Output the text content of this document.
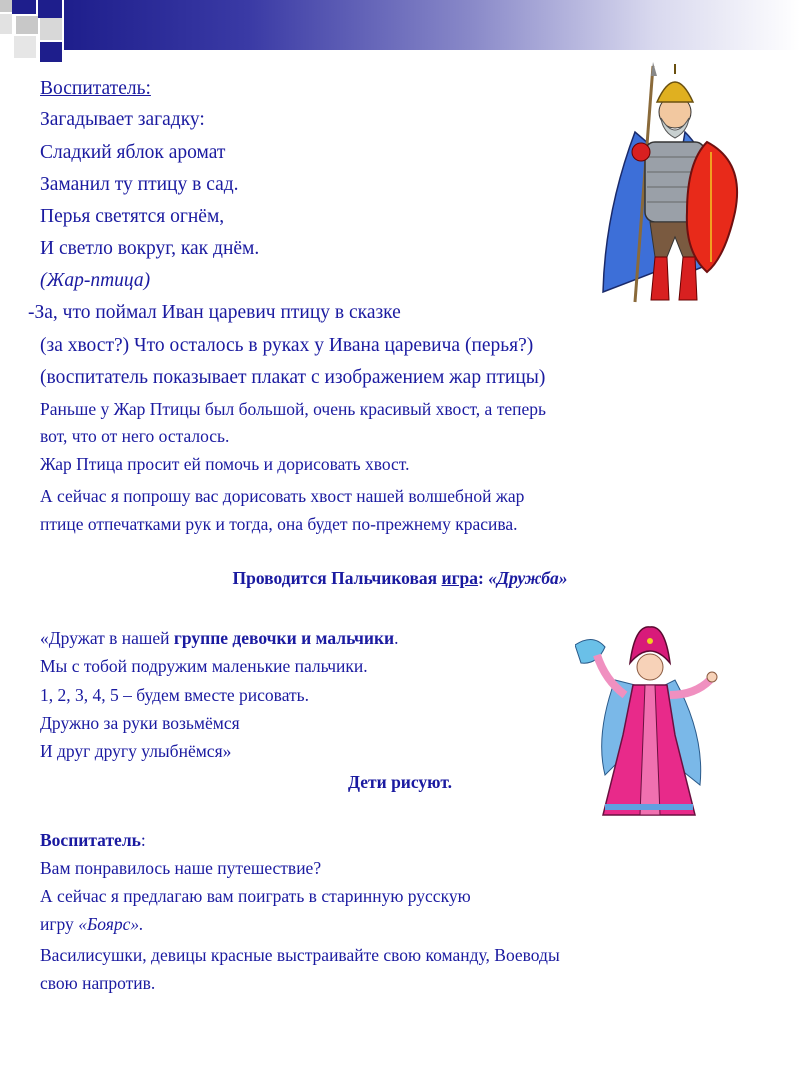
Воспитатель:
Загадывает загадку:
Сладкий яблок аромат
Заманил ту птицу в сад.
Перья светятся огнём,
И светло вокруг, как днём.
(Жар-птица)
-За, что поймал Иван царевич птицу в сказке
(за хвост?) Что осталось в руках у Ивана царевича (перья?)
(воспитатель показывает плакат с изображением жар птицы)
Раньше у Жар Птицы был большой, очень красивый хвост, а теперь
вот, что от него осталось.
Жар Птица просит ей помочь и дорисовать хвост.
А сейчас я попрошу вас дорисовать хвост нашей волшебной жар
птице отпечатками рук и тогда, она будет по-прежнему красива.
Проводится Пальчиковая игра: «Дружба»
«Дружат в нашей группе девочки и мальчики.
Мы с тобой подружим маленькие пальчики.
1, 2, 3, 4, 5 – будем вместе рисовать.
Дружно за руки возьмёмся
И друг другу улыбнёмся»
Дети рисуют.
Воспитатель:
Вам понравилось наше путешествие?
А сейчас я предлагаю вам поиграть в старинную русскую
игру «Боярс».
Василисушки, девицы красные выстраивайте свою команду, Воеводы
свою напротив.
